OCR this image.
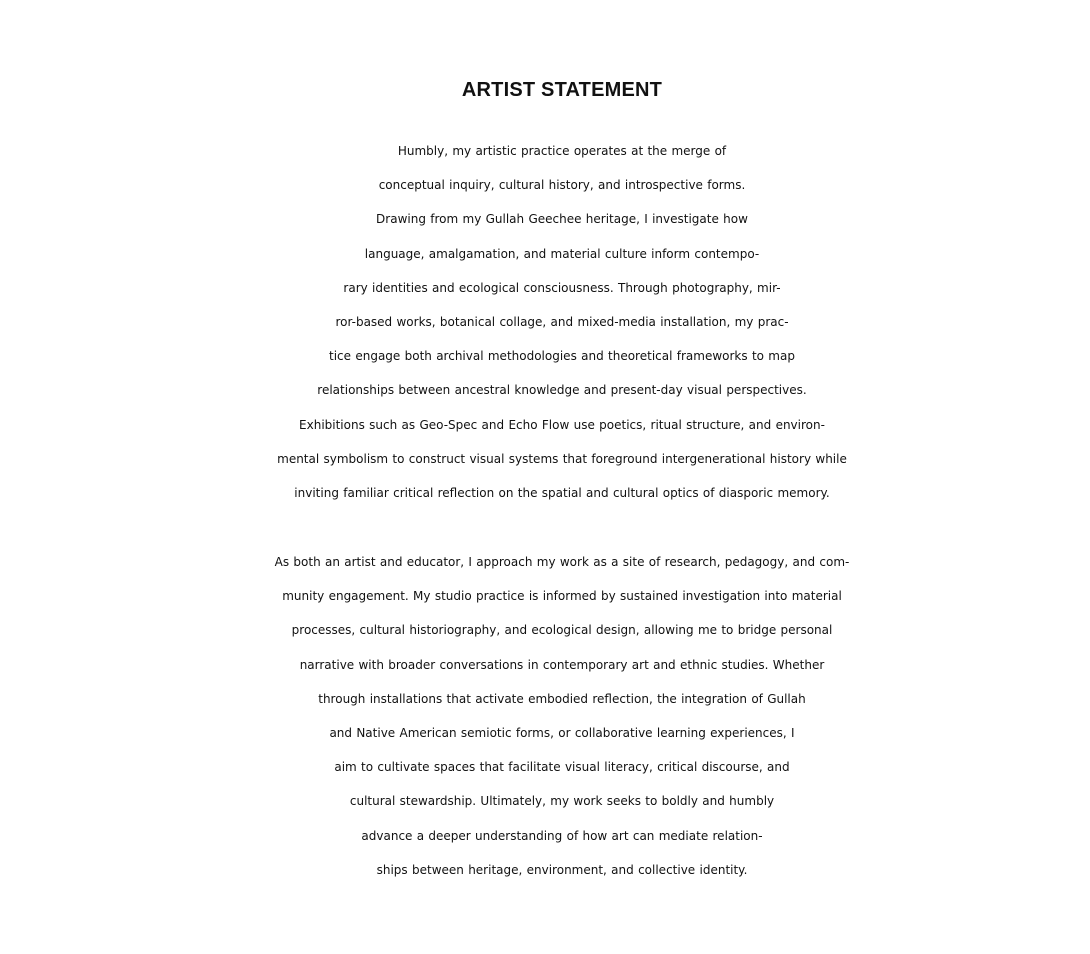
ARTIST STATEMENT
Humbly, my artistic practice operates at the merge of
conceptual inquiry, cultural history, and introspective forms.
Drawing from my Gullah Geechee heritage, I investigate how
language, amalgamation, and material culture inform contempo-
rary identities and ecological consciousness. Through photography, mir-
ror-based works, botanical collage, and mixed-media installation, my prac-
tice engage both archival methodologies and theoretical frameworks to map
relationships between ancestral knowledge and present-day visual perspectives.
Exhibitions such as Geo-Spec and Echo Flow use poetics, ritual structure, and environ-
mental symbolism to construct visual systems that foreground intergenerational history while
inviting familiar critical reflection on the spatial and cultural optics of diasporic memory.
As both an artist and educator, I approach my work as a site of research, pedagogy, and com-
munity engagement. My studio practice is informed by sustained investigation into material
processes, cultural historiography, and ecological design, allowing me to bridge personal
narrative with broader conversations in contemporary art and ethnic studies. Whether
through installations that activate embodied reflection, the integration of Gullah
and Native American semiotic forms, or collaborative learning experiences, I
aim to cultivate spaces that facilitate visual literacy, critical discourse, and
cultural stewardship. Ultimately, my work seeks to boldly and humbly
advance a deeper understanding of how art can mediate relation-
ships between heritage, environment, and collective identity.
